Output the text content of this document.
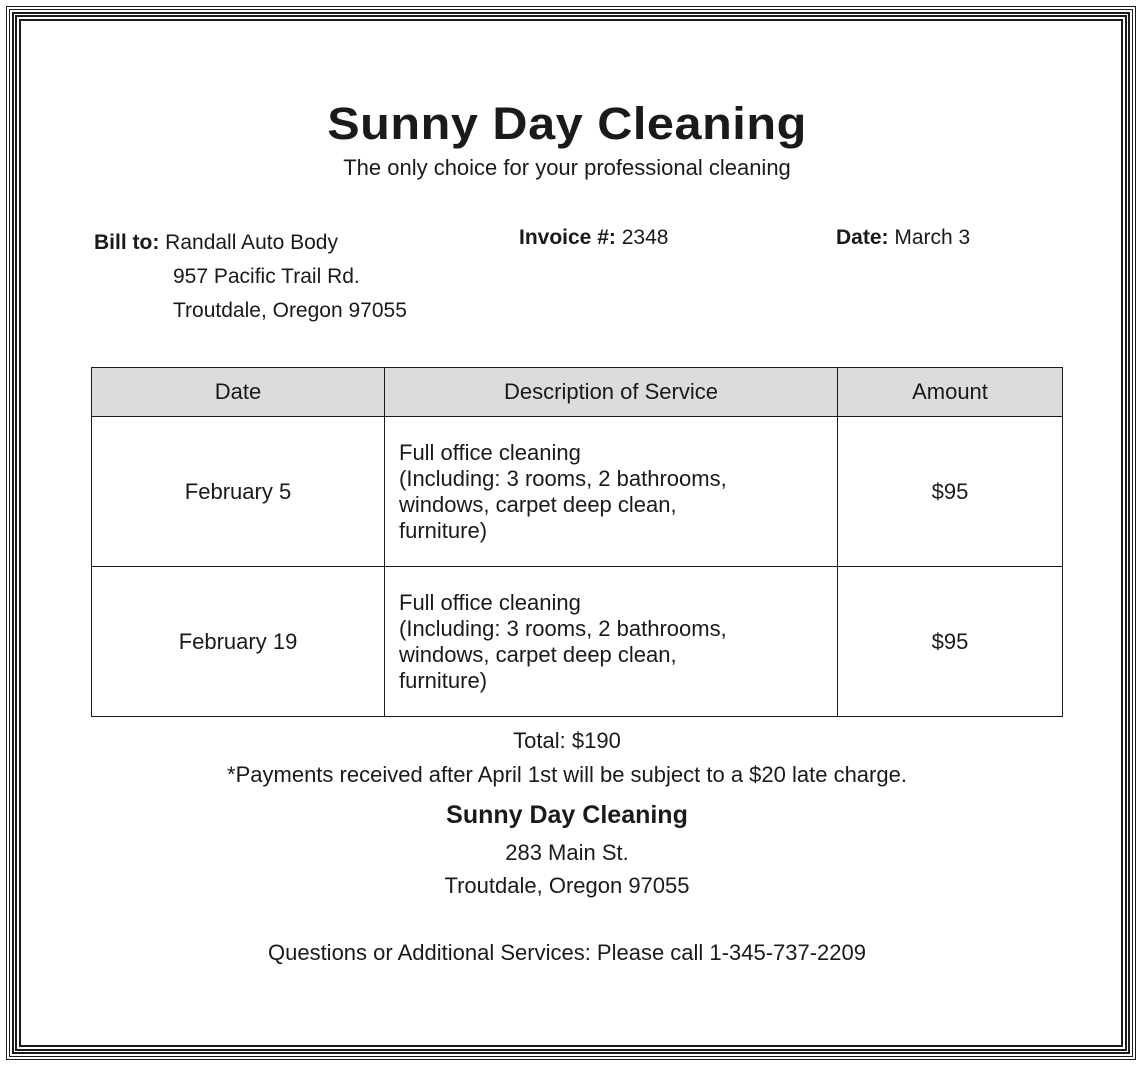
Sunny Day Cleaning
The only choice for your professional cleaning
Bill to: Randall Auto Body
957 Pacific Trail Rd.
Troutdale, Oregon 97055
Invoice #: 2348	Date: March 3
Date	Description of Service	Amount
February 5	Full office cleaning
(Including: 3 rooms, 2 bathrooms,
windows, carpet deep clean,
furniture)	$95
February 19	Full office cleaning
(Including: 3 rooms, 2 bathrooms,
windows, carpet deep clean,
furniture)	$95
Total: $190
*Payments received after April 1st will be subject to a $20 late charge.
Sunny Day Cleaning
283 Main St.
Troutdale, Oregon 97055
Questions or Additional Services: Please call 1-345-737-2209
